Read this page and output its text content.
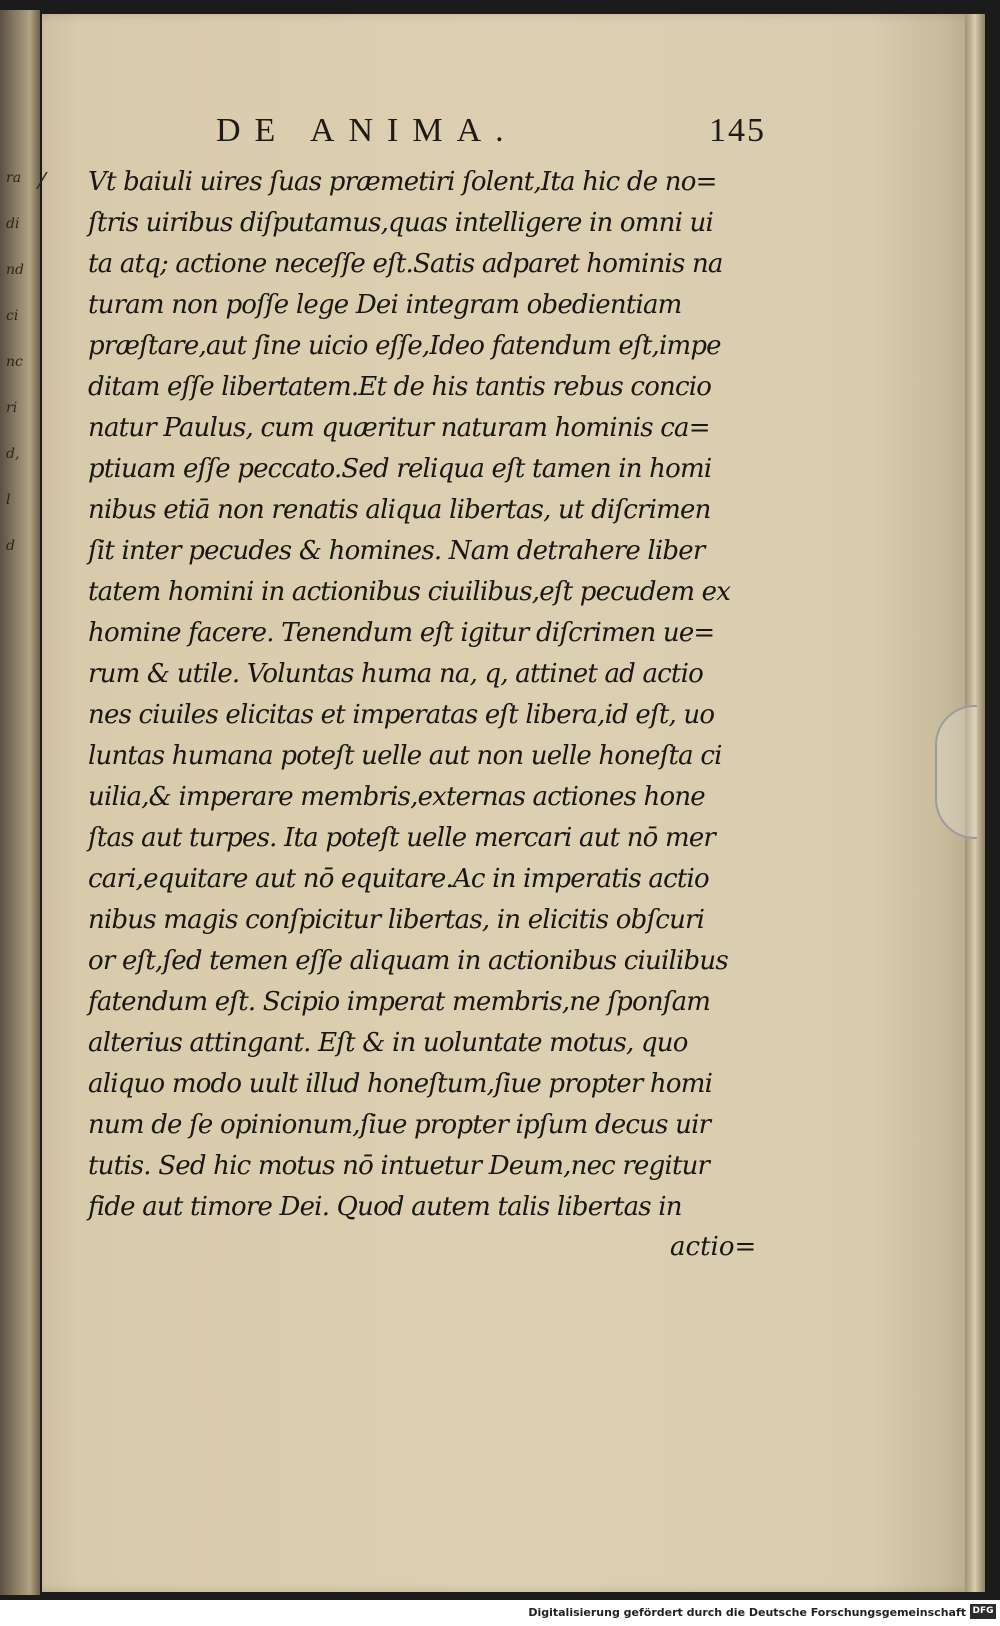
ra
di
nd
ci
nc
ri
d,
l
d
DE ANIMA.	145
⁄ Vt baiuli uires ſuas præmetiri ſolent,Ita hic de no=
ſtris uiribus diſputamus,quas intelligere in omni ui
ta atq; actione neceſſe eſt.Satis adparet hominis na
turam non poſſe lege Dei integram obedientiam
præſtare,aut ſine uicio eſſe,Ideo fatendum eſt,impe
ditam eſſe libertatem.Et de his tantis rebus concio
natur Paulus, cum quæritur naturam hominis ca=
ptiuam eſſe peccato.Sed reliqua eſt tamen in homi
nibus etiā non renatis aliqua libertas, ut diſcrimen
ſit inter pecudes & homines. Nam detrahere liber
tatem homini in actionibus ciuilibus,eſt pecudem ex
homine facere. Tenendum eſt igitur diſcrimen ue=
rum & utile. Voluntas huma na, q, attinet ad actio
nes ciuiles elicitas et imperatas eſt libera,id eſt, uo
luntas humana poteſt uelle aut non uelle honeſta ci
uilia,& imperare membris,externas actiones hone
ſtas aut turpes. Ita poteſt uelle mercari aut nō mer
cari,equitare aut nō equitare.Ac in imperatis actio
nibus magis conſpicitur libertas, in elicitis obſcuri
or eſt,ſed temen eſſe aliquam in actionibus ciuilibus
fatendum eſt. Scipio imperat membris,ne ſponſam
alterius attingant. Eſt & in uoluntate motus, quo
aliquo modo uult illud honeſtum,ſiue propter homi
num de ſe opinionum,ſiue propter ipſum decus uir
tutis. Sed hic motus nō intuetur Deum,nec regitur
fide aut timore Dei. Quod autem talis libertas in
actio=
Digitalisierung gefördert durch die Deutsche Forschungsgemeinschaft DFG
